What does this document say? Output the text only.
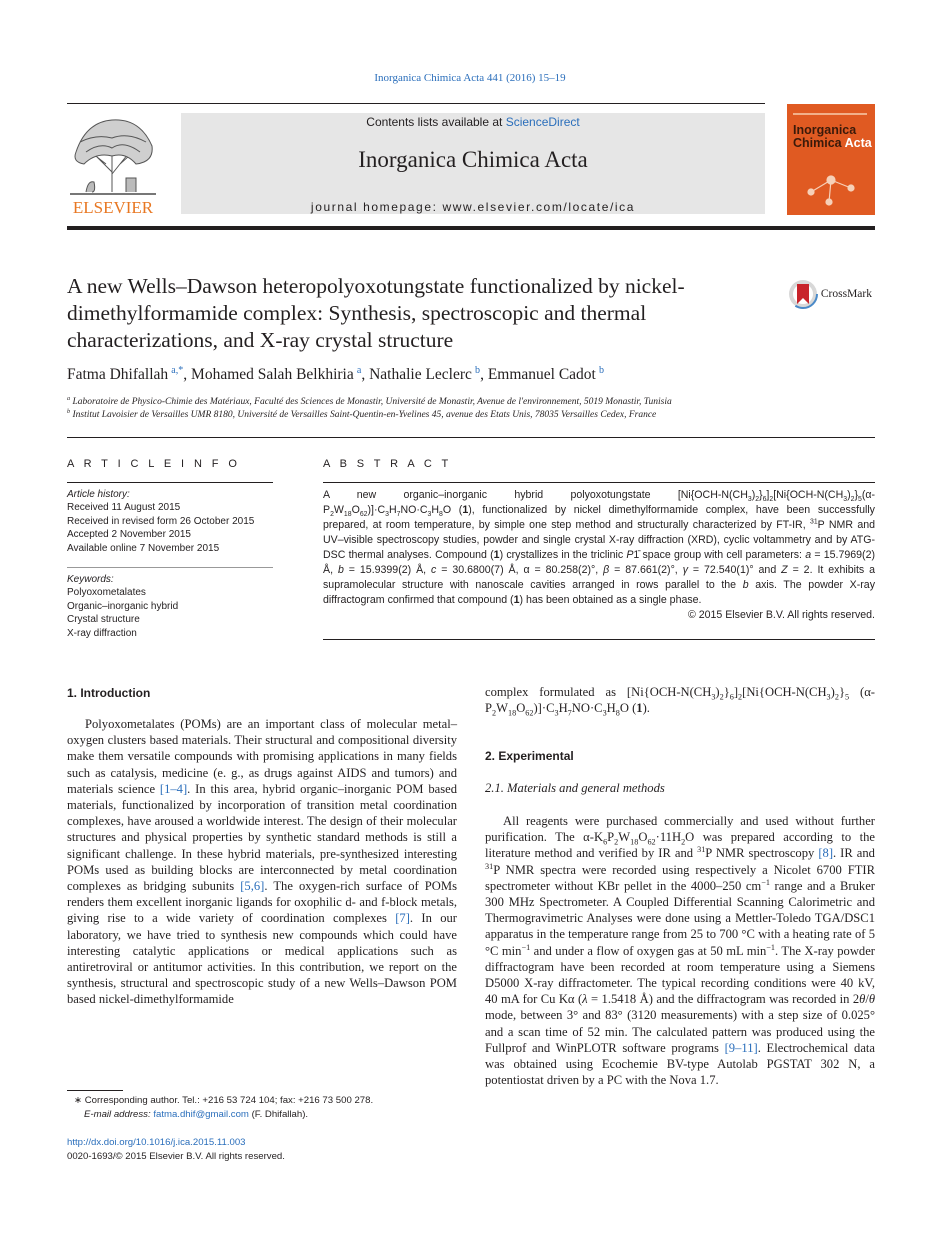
Inorganica Chimica Acta 441 (2016) 15–19
ELSEVIER
Contents lists available at ScienceDirect
Inorganica Chimica Acta
journal homepage: www.elsevier.com/locate/ica
Inorganica
Chimica Acta
A new Wells–Dawson heteropolyoxotungstate functionalized by nickel-dimethylformamide complex: Synthesis, spectroscopic and thermal characterizations, and X-ray crystal structure
CrossMark
Fatma Dhifallah  $^{a,*}$, Mohamed Salah Belkhiria  $^a$, Nathalie Leclerc  $^b$, Emmanuel Cadot  $^b$
$^a$ Laboratoire de Physico-Chimie des Matériaux, Faculté des Sciences de Monastir, Université de Monastir, Avenue de l'environnement, 5019 Monastir, Tunisia
$^b$ Institut Lavoisier de Versailles UMR 8180, Université de Versailles Saint-Quentin-en-Yvelines 45, avenue des Etats Unis, 78035 Versailles Cedex, France
A R T I C L E I N F O
Article history:
Received 11 August 2015
Received in revised form 26 October 2015
Accepted 2 November 2015
Available online 7 November 2015
Keywords:
Polyoxometalates
Organic–inorganic hybrid
Crystal structure
X-ray diffraction
A B S T R A C T
A new organic–inorganic hybrid polyoxotungstate $[Ni\{OCH-N(CH_3)_2\}_6]_2[Ni\{OCH-N(CH_3)_2\}_5(\alpha-P_2W_{18}O_{62})]\cdot C_3H_7NO\cdot C_3H_8O$ (1), functionalized by nickel dimethylformamide complex, have been successfully prepared, at room temperature, by simple one step method and structurally characterized by FT-IR, $^{31}$P NMR and UV–visible spectroscopy studies, powder and single crystal X-ray diffraction (XRD), cyclic voltammetry and by ATG-DSC thermal analyses. Compound (1) crystallizes in the triclinic P1̄ space group with cell parameters: a = 15.7969(2) Å, b = 15.9399(2) Å, c = 30.6800(7) Å, α = 80.258(2)°, β = 87.661(2)°, γ = 72.540(1)° and Z = 2. It exhibits a supramolecular structure with nanoscale cavities arranged in rows parallel to the b axis. The powder X-ray diffractogram confirmed that compound (1) has been obtained as a single phase.
© 2015 Elsevier B.V. All rights reserved.
1. Introduction

Polyoxometalates (POMs) are an important class of molecular metal–oxygen clusters based materials. Their structural and compositional diversity make them versatile compounds with promising applications in many fields such as catalysis, medicine (e. g., as drugs against AIDS and tumors) and materials science [1–4]. In this area, hybrid organic–inorganic POM based materials, functionalized by incorporation of transition metal coordination complexes, have aroused a worldwide interest. The design of their molecular structures and physical properties by synthetic standard methods is still a significant challenge. In these hybrid materials, pre-synthesized interesting POMs used as building blocks are interconnected by metal coordination complexes as bridging subunits [5,6]. The oxygen-rich surface of POMs renders them excellent inorganic ligands for oxophilic d- and f-block metals, giving rise to a wide variety of coordination complexes [7]. In our laboratory, we have tried to synthesis new compounds which could have interesting catalytic applications or medical applications such as antiretroviral or antitumor activities. In this contribution, we report on the synthesis, structural and spectroscopic study of a new Wells–Dawson POM based nickel-dimethylformamide

∗ Corresponding author. Tel.: +216 53 724 104; fax: +216 73 500 278.
E-mail address: fatma.dhif@gmail.com (F. Dhifallah).
http://dx.doi.org/10.1016/j.ica.2015.11.003
0020-1693/© 2015 Elsevier B.V. All rights reserved.
complex formulated as $[Ni\{OCH-N(CH_3)_2\}_6]_2[Ni\{OCH-N(CH_3)_2\}_5$ $(\alpha-P_2W_{18}O_{62})]\cdot C_3H_7NO\cdot C_3H_8O$ (1).
2. Experimental
2.1. Materials and general methods

All reagents were purchased commercially and used without further purification. The $\alpha-K_6P_2W_{18}O_{62}\cdot 11H_2O$ was prepared according to the literature method and verified by IR and $^{31}$P NMR spectroscopy [8]. IR and $^{31}$P NMR spectra were recorded using respectively a Nicolet 6700 FTIR spectrometer without KBr pellet in the 4000–250 $cm^{-1}$ range and a Bruker 300 MHz Spectrometer. A Coupled Differential Scanning Calorimetric and Thermogravimetric Analyses were done using a Mettler-Toledo TGA/DSC1 apparatus in the temperature range from 25 to 700 °C with a heating rate of 5 °C $\min^{-1}$ and under a flow of oxygen gas at 50 mL $\min^{-1}$. The X-ray powder diffractogram have been recorded at room temperature using a Siemens D5000 X-ray diffractometer. The typical recording conditions were 40 kV, 40 mA for Cu Kα (λ = 1.5418 Å) and the diffractogram was recorded in 2θ/θ mode, between 3° and 83° (3120 measurements) with a step size of 0.025° and a scan time of 52 min. The calculated pattern was produced using the Fullprof and WinPLOTR software programs [9–11]. Electrochemical data was obtained using Ecochemie BV-type Autolab PGSTAT 302 N, a potentiostat driven by a PC with the Nova 1.7.
